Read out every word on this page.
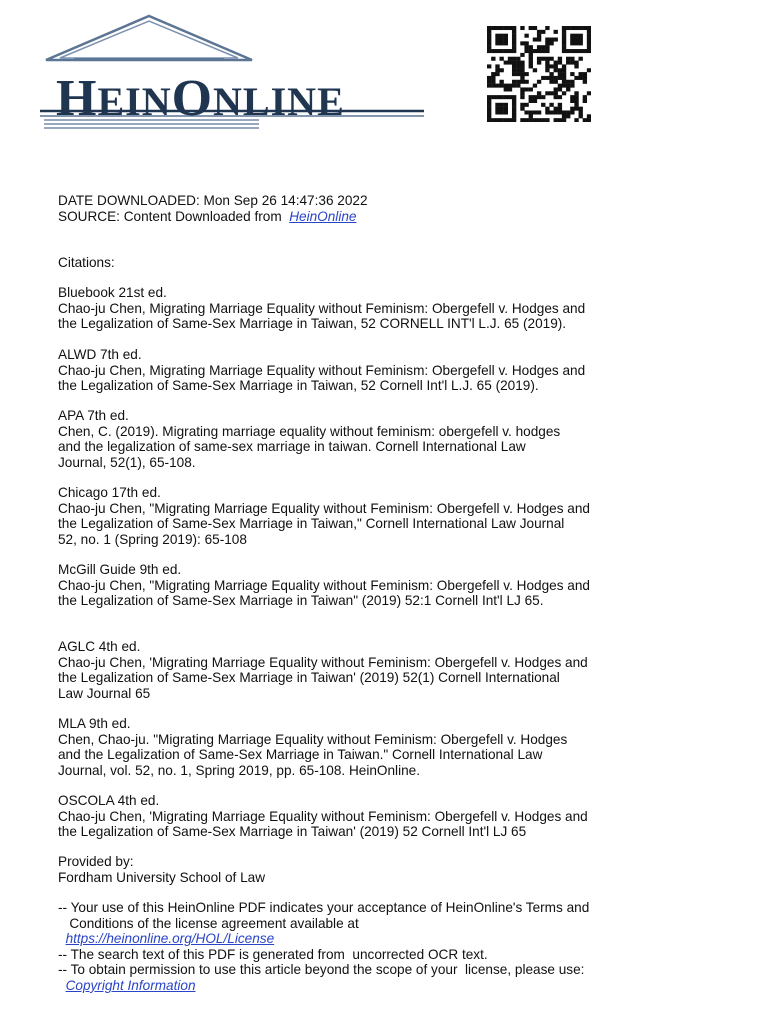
HEINONLINE
DATE DOWNLOADED: Mon Sep 26 14:47:36 2022
SOURCE: Content Downloaded from  HeinOnline
Citations:
Bluebook 21st ed.
Chao-ju Chen, Migrating Marriage Equality without Feminism: Obergefell v. Hodges and
the Legalization of Same-Sex Marriage in Taiwan, 52 CORNELL INT'l L.J. 65 (2019).
ALWD 7th ed.
Chao-ju Chen, Migrating Marriage Equality without Feminism: Obergefell v. Hodges and
the Legalization of Same-Sex Marriage in Taiwan, 52 Cornell Int'l L.J. 65 (2019).
APA 7th ed.
Chen, C. (2019). Migrating marriage equality without feminism: obergefell v. hodges
and the legalization of same-sex marriage in taiwan. Cornell International Law
Journal, 52(1), 65-108.
Chicago 17th ed.
Chao-ju Chen, "Migrating Marriage Equality without Feminism: Obergefell v. Hodges and
the Legalization of Same-Sex Marriage in Taiwan," Cornell International Law Journal
52, no. 1 (Spring 2019): 65-108
McGill Guide 9th ed.
Chao-ju Chen, "Migrating Marriage Equality without Feminism: Obergefell v. Hodges and
the Legalization of Same-Sex Marriage in Taiwan" (2019) 52:1 Cornell Int'l LJ 65.
AGLC 4th ed.
Chao-ju Chen, 'Migrating Marriage Equality without Feminism: Obergefell v. Hodges and
the Legalization of Same-Sex Marriage in Taiwan' (2019) 52(1) Cornell International
Law Journal 65
MLA 9th ed.
Chen, Chao-ju. "Migrating Marriage Equality without Feminism: Obergefell v. Hodges
and the Legalization of Same-Sex Marriage in Taiwan." Cornell International Law
Journal, vol. 52, no. 1, Spring 2019, pp. 65-108. HeinOnline.
OSCOLA 4th ed.
Chao-ju Chen, 'Migrating Marriage Equality without Feminism: Obergefell v. Hodges and
the Legalization of Same-Sex Marriage in Taiwan' (2019) 52 Cornell Int'l LJ 65
Provided by:
Fordham University School of Law
-- Your use of this HeinOnline PDF indicates your acceptance of HeinOnline's Terms and
Conditions of the license agreement available at
https://heinonline.org/HOL/License
-- The search text of this PDF is generated from  uncorrected OCR text.
-- To obtain permission to use this article beyond the scope of your  license, please use:
Copyright Information
